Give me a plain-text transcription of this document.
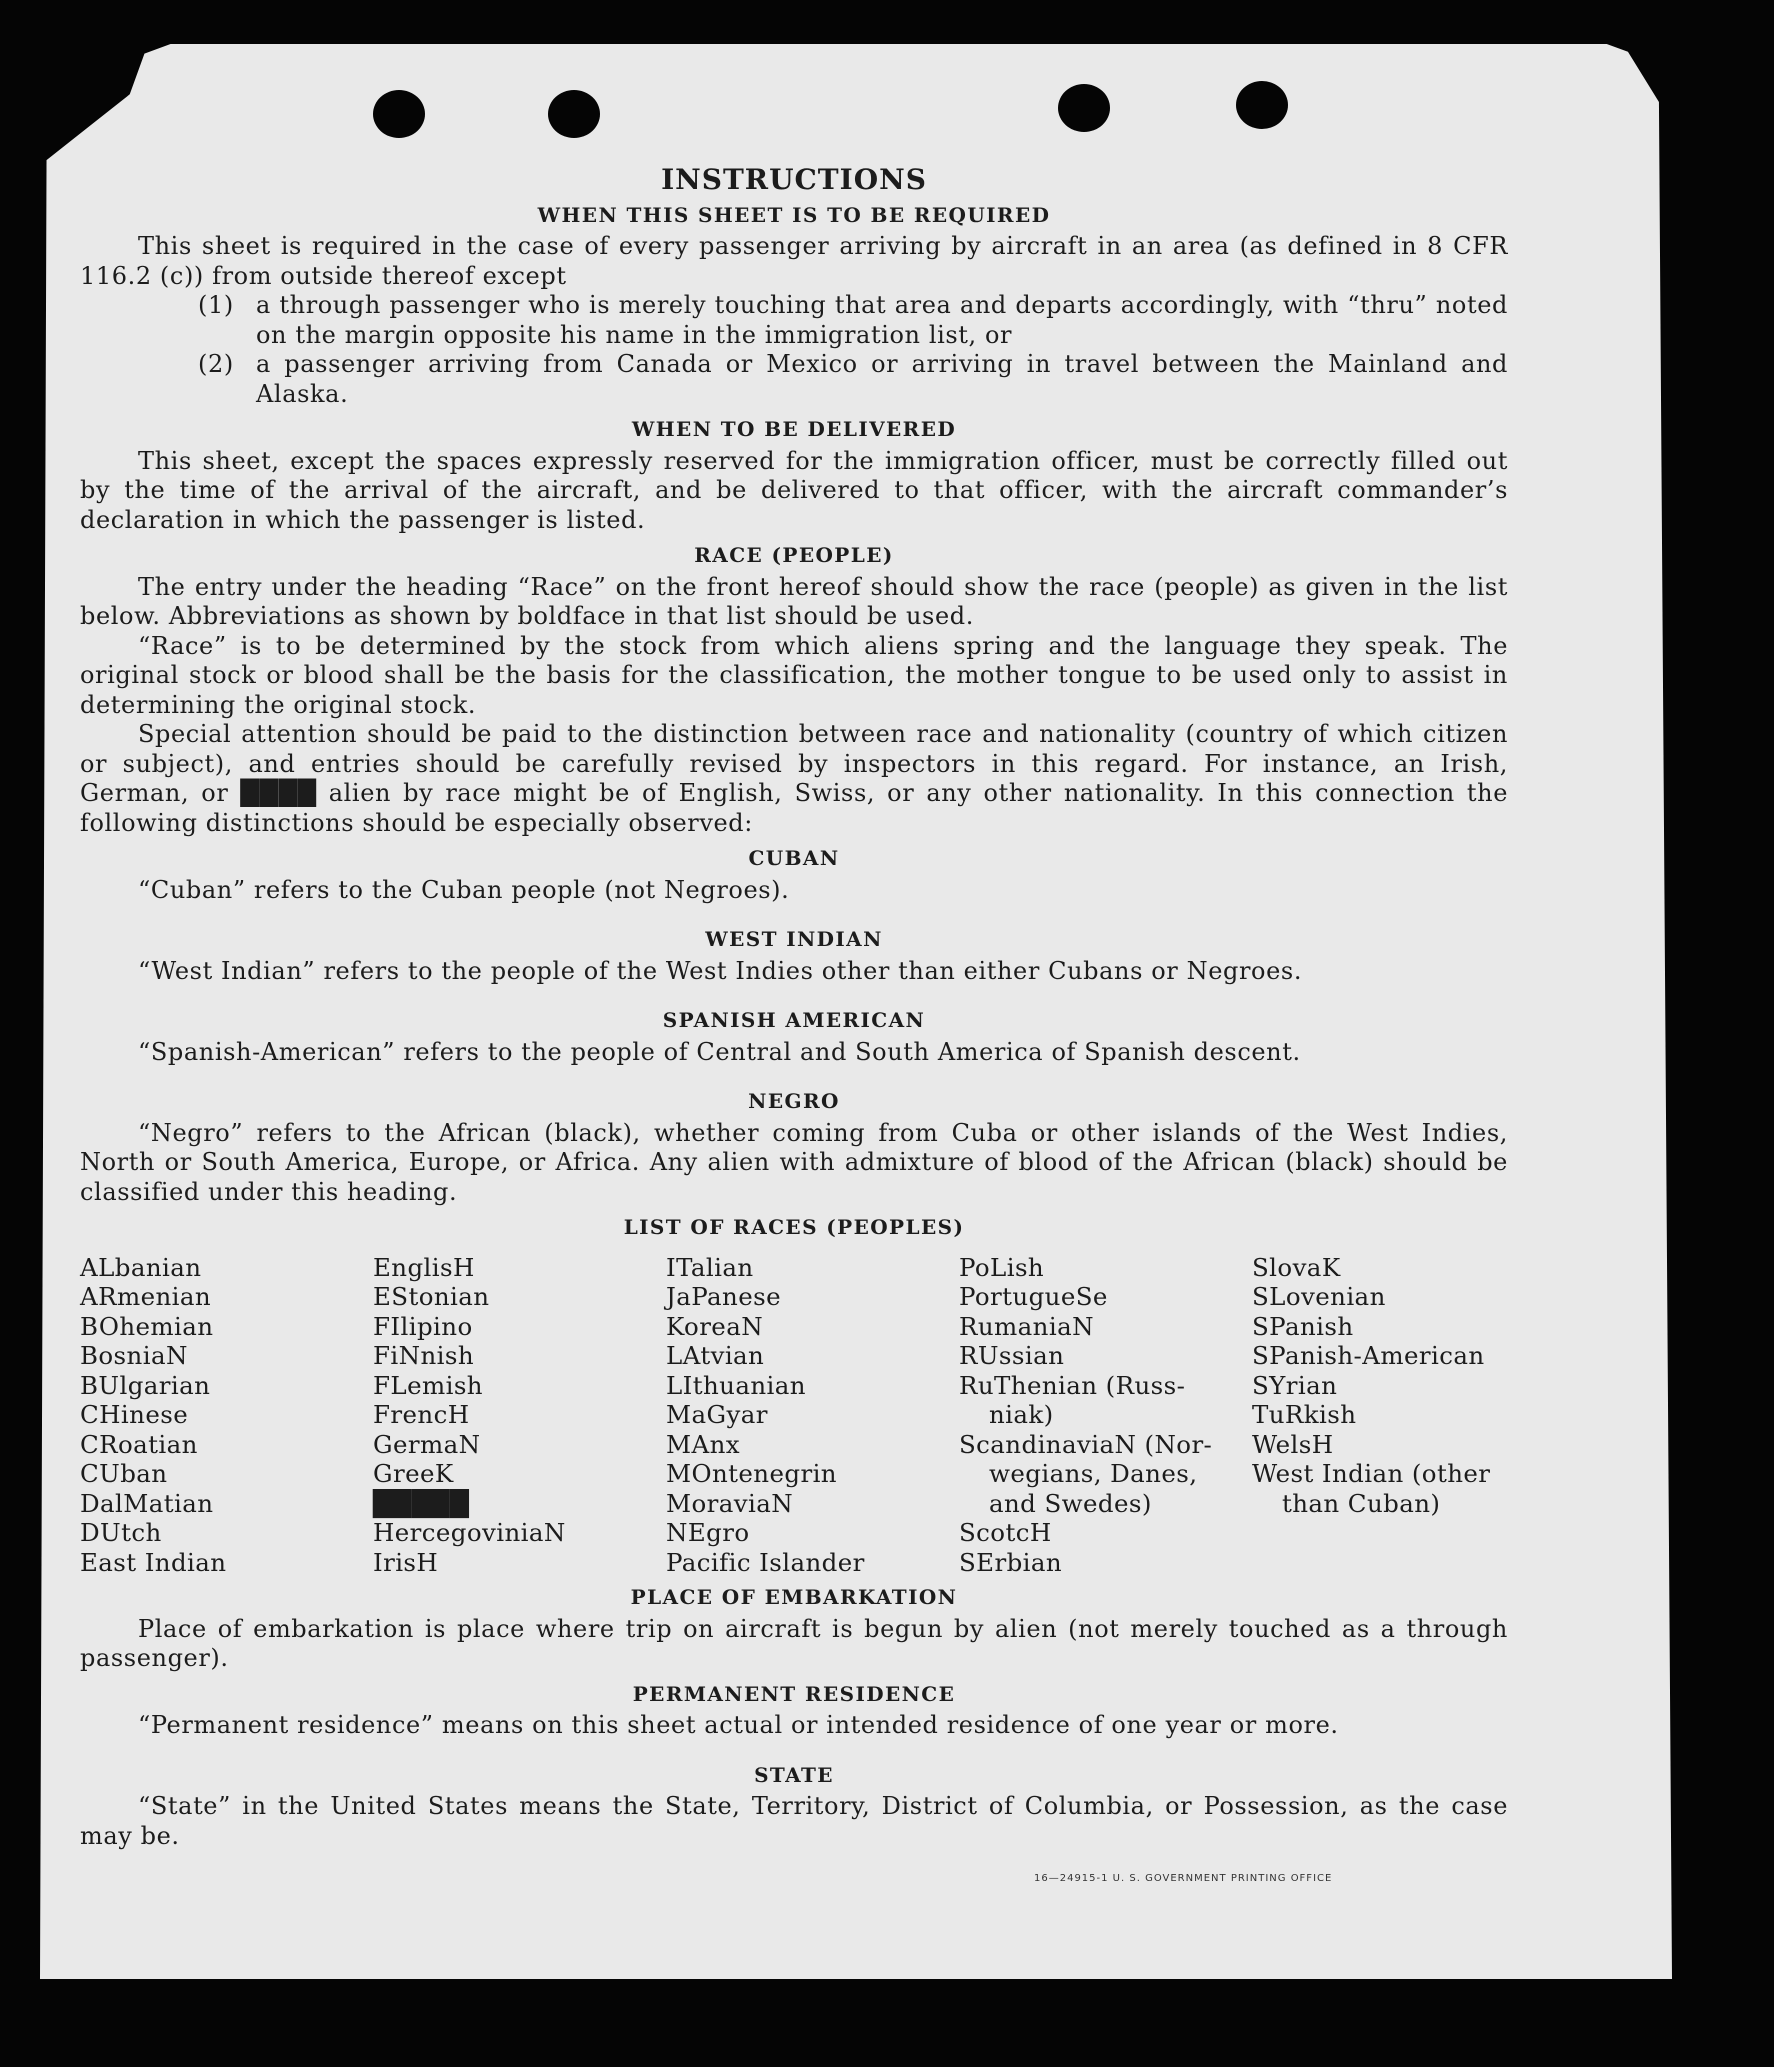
INSTRUCTIONS
WHEN THIS SHEET IS TO BE REQUIRED

This sheet is required in the case of every passenger arriving by aircraft in an area (as defined in 8 CFR 116.2 (c)) from outside thereof except

(1) a through passenger who is merely touching that area and departs accordingly, with “thru” noted on the margin opposite his name in the immigration list, or

(2) a passenger arriving from Canada or Mexico or arriving in travel between the Mainland and Alaska.

WHEN TO BE DELIVERED

This sheet, except the spaces expressly reserved for the immigration officer, must be correctly filled out by the time of the arrival of the aircraft, and be delivered to that officer, with the aircraft commander’s declaration in which the passenger is listed.

RACE (PEOPLE)

The entry under the heading “Race” on the front hereof should show the race (people) as given in the list below. Abbreviations as shown by boldface in that list should be used.

“Race” is to be determined by the stock from which aliens spring and the language they speak. The original stock or blood shall be the basis for the classification, the mother tongue to be used only to assist in determining the original stock.

Special attention should be paid to the distinction between race and nationality (country of which citizen or subject), and entries should be carefully revised by inspectors in this regard. For instance, an Irish, German, or ████ alien by race might be of English, Swiss, or any other nationality. In this connection the following distinctions should be especially observed:

CUBAN

“Cuban” refers to the Cuban people (not Negroes).

WEST INDIAN

“West Indian” refers to the people of the West Indies other than either Cubans or Negroes.

SPANISH AMERICAN

“Spanish-American” refers to the people of Central and South America of Spanish descent.

NEGRO

“Negro” refers to the African (black), whether coming from Cuba or other islands of the West Indies, North or South America, Europe, or Africa. Any alien with admixture of blood of the African (black) should be classified under this heading.

LIST OF RACES (PEOPLES)
ALbanian
ARmenian
BOhemian
BosniaN
BUlgarian
CHinese
CRoatian
CUban
DalMatian
DUtch
East Indian
EnglisH
EStonian
FIlipino
FiNnish
FLemish
FrencH
GermaN
GreeK
█████
HercegoviniaN
IrisH
ITalian
JaPanese
KoreaN
LAtvian
LIthuanian
MaGyar
MAnx
MOntenegrin
MoraviaN
NEgro
Pacific Islander
PoLish
PortugueSe
RumaniaN
RUssian
RuThenian (Russ-
niak)
ScandinaviaN (Nor-
wegians, Danes,
and Swedes)
ScotcH
SErbian
SlovaK
SLovenian
SPanish
SPanish-American
SYrian
TuRkish
WelsH
West Indian (other
than Cuban)
PLACE OF EMBARKATION

Place of embarkation is place where trip on aircraft is begun by alien (not merely touched as a through passenger).

PERMANENT RESIDENCE

“Permanent residence” means on this sheet actual or intended residence of one year or more.

STATE

“State” in the United States means the State, Territory, District of Columbia, or Possession, as the case may be.

16—24915-1 U. S. GOVERNMENT PRINTING OFFICE
